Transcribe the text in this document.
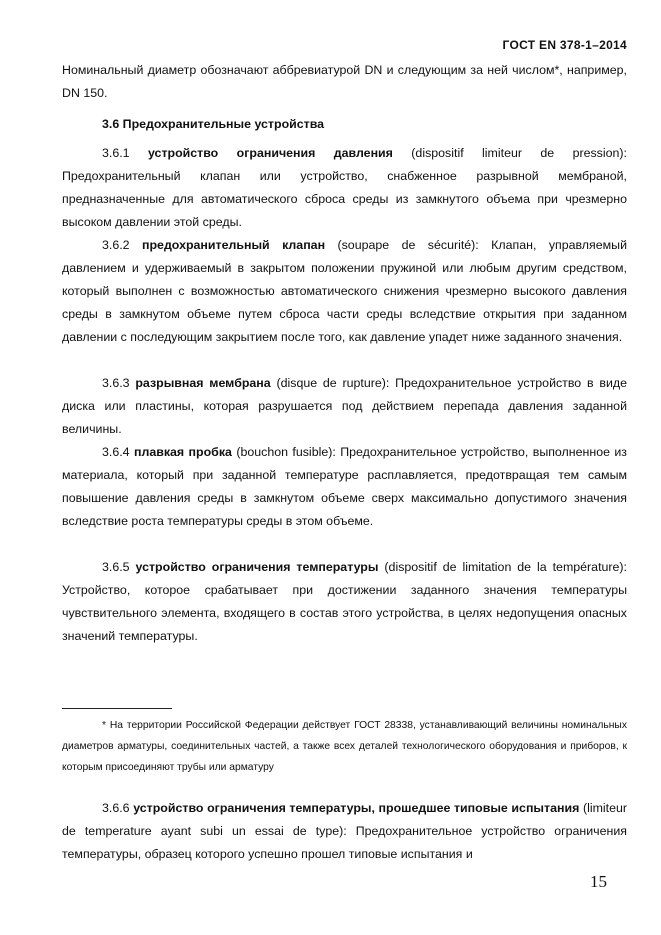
ГОСТ EN 378-1–2014

Номинальный диаметр обозначают аббревиатурой DN и следующим за ней числом*, например, DN 150.

3.6 Предохранительные устройства

3.6.1 устройство ограничения давления (dispositif limiteur de pression): Предохранительный клапан или устройство, снабженное разрывной мембраной, предназначенные для автоматического сброса среды из замкнутого объема при чрезмерно высоком давлении этой среды.

3.6.2 предохранительный клапан (soupape de sécurité): Клапан, управляемый давлением и удерживаемый в закрытом положении пружиной или любым другим средством, который выполнен с возможностью автоматического снижения чрезмерно высокого давления среды в замкнутом объеме путем сброса части среды вследствие открытия при заданном давлении с последующим закрытием после того, как давление упадет ниже заданного значения.

3.6.3 разрывная мембрана (disque de rupture): Предохранительное устройство в виде диска или пластины, которая разрушается под действием перепада давления заданной величины.

3.6.4 плавкая пробка (bouchon fusible): Предохранительное устройство, выполненное из материала, который при заданной температуре расплавляется, предотвращая тем самым повышение давления среды в замкнутом объеме сверх максимально допустимого значения вследствие роста температуры среды в этом объеме.

3.6.5 устройство ограничения температуры (dispositif de limitation de la température): Устройство, которое срабатывает при достижении заданного значения температуры чувствительного элемента, входящего в состав этого устройства, в целях недопущения опасных значений температуры.

* На территории Российской Федерации действует ГОСТ 28338, устанавливающий величины номинальных диаметров арматуры, соединительных частей, а также всех деталей технологического оборудования и приборов, к которым присоединяют трубы или арматуру

3.6.6 устройство ограничения температуры, прошедшее типовые испытания (limiteur de temperature ayant subi un essai de type): Предохранительное устройство ограничения температуры, образец которого успешно прошел типовые испытания и

15
